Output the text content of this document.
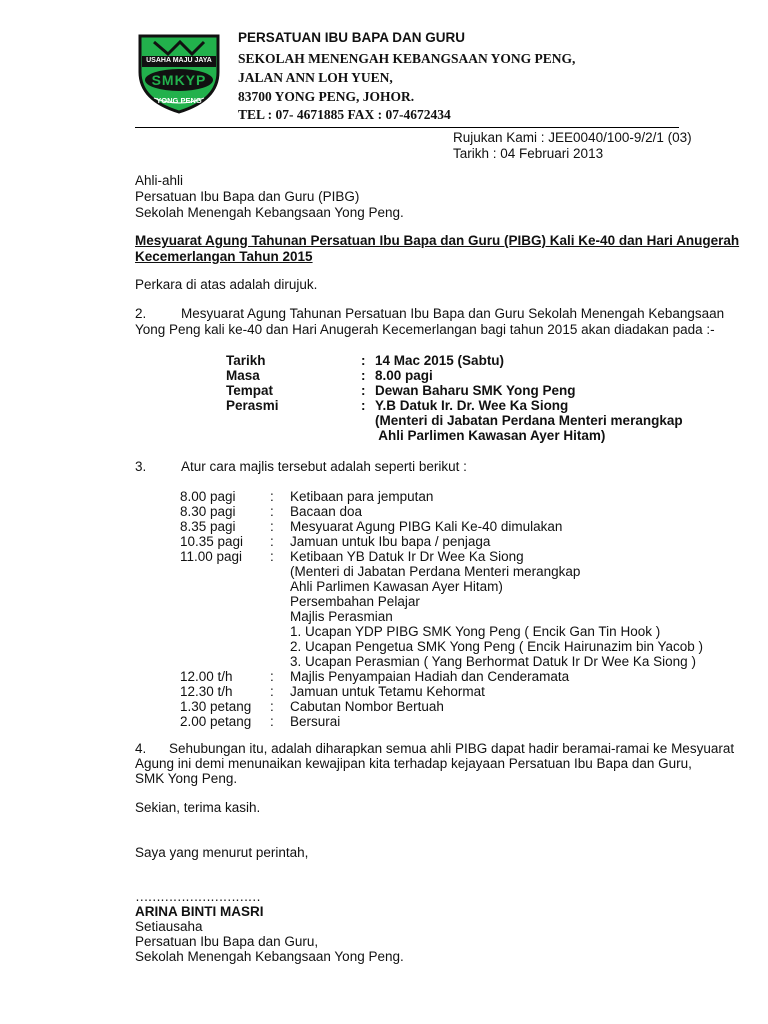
USAHA MAJU JAYA
SMKYP
YONG PENG
PERSATUAN IBU BAPA DAN GURU
SEKOLAH MENENGAH KEBANGSAAN YONG PENG,
JALAN ANN LOH YUEN,
83700 YONG PENG, JOHOR.
TEL : 07- 4671885 FAX : 07-4672434
Rujukan Kami : JEE0040/100-9/2/1 (03)
Tarikh : 04 Februari 2013
Ahli-ahli
Persatuan Ibu Bapa dan Guru (PIBG)
Sekolah Menengah Kebangsaan Yong Peng.
Mesyuarat Agung Tahunan Persatuan Ibu Bapa dan Guru (PIBG) Kali Ke-40 dan Hari Anugerah
Kecemerlangan Tahun 2015
Perkara di atas adalah dirujuk.
2.	Mesyuarat Agung Tahunan Persatuan Ibu Bapa dan Guru Sekolah Menengah Kebangsaan
Yong Peng kali ke-40 dan Hari Anugerah Kecemerlangan bagi tahun 2015 akan diadakan pada :-
Tarikh	: 14 Mac 2015 (Sabtu)
Masa	: 8.00 pagi
Tempat	: Dewan Baharu SMK Yong Peng
Perasmi	: Y.B Datuk Ir. Dr. Wee Ka Siong
(Menteri di Jabatan Perdana Menteri merangkap
Ahli Parlimen Kawasan Ayer Hitam)
3.	Atur cara majlis tersebut adalah seperti berikut :
8.00 pagi	: Ketibaan para jemputan
8.30 pagi	: Bacaan doa
8.35 pagi	: Mesyuarat Agung PIBG Kali Ke-40 dimulakan
10.35 pagi : Jamuan untuk Ibu bapa / penjaga
11.00 pagi : Ketibaan YB Datuk Ir Dr Wee Ka Siong
(Menteri di Jabatan Perdana Menteri merangkap
Ahli Parlimen Kawasan Ayer Hitam)
Persembahan Pelajar
Majlis Perasmian
1. Ucapan YDP PIBG SMK Yong Peng ( Encik Gan Tin Hook )
2. Ucapan Pengetua SMK Yong Peng ( Encik Hairunazim bin Yacob )
3. Ucapan Perasmian ( Yang Berhormat Datuk Ir Dr Wee Ka Siong )
12.00 t/h	: Majlis Penyampaian Hadiah dan Cenderamata
12.30 t/h	: Jamuan untuk Tetamu Kehormat
1.30 petang : Cabutan Nombor Bertuah
2.00 petang : Bersurai
4. Sehubungan itu, adalah diharapkan semua ahli PIBG dapat hadir beramai-ramai ke Mesyuarat
Agung ini demi menunaikan kewajipan kita terhadap kejayaan Persatuan Ibu Bapa dan Guru,
SMK Yong Peng.
Sekian, terima kasih.
Saya yang menurut perintah,
…………………………
ARINA BINTI MASRI
Setiausaha
Persatuan Ibu Bapa dan Guru,
Sekolah Menengah Kebangsaan Yong Peng.
